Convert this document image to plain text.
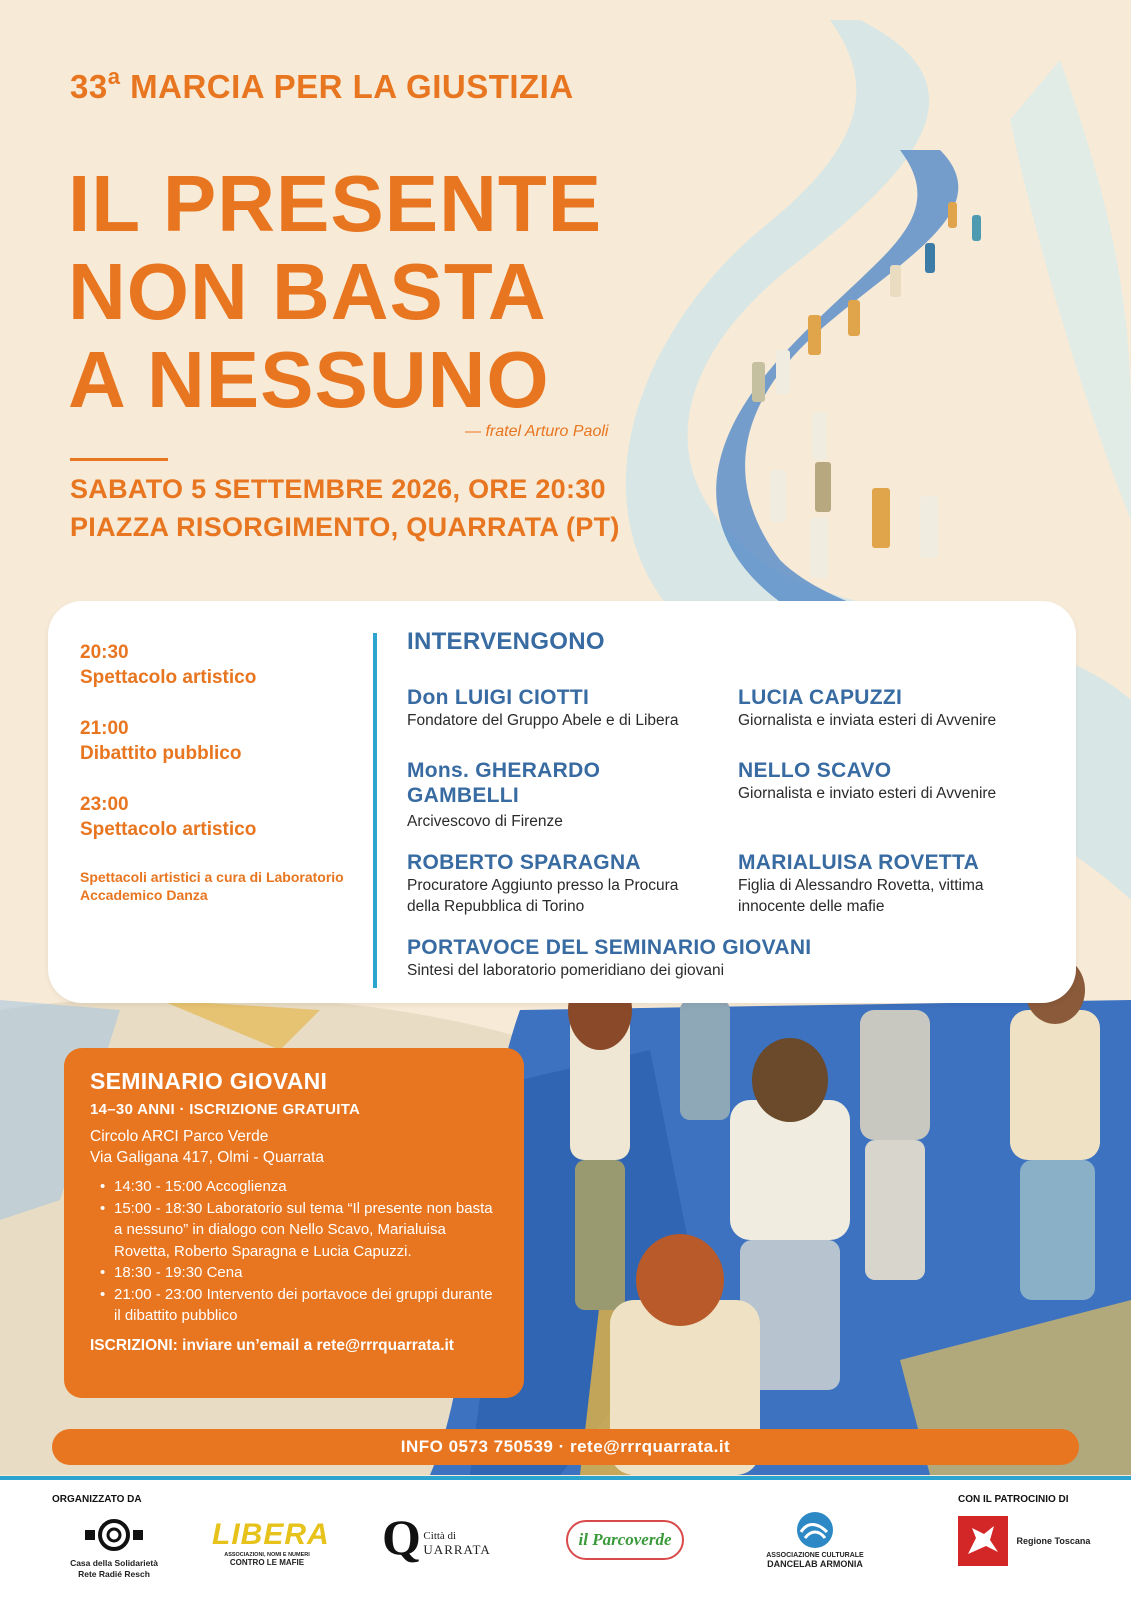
33$^a$ MARCIA PER LA GIUSTIZIA
IL PRESENTE
NON BASTA
A NESSUNO
— fratel Arturo Paoli
SABATO 5 SETTEMBRE 2026, ORE 20:30
PIAZZA RISORGIMENTO, QUARRATA (PT)
20:30
Spettacolo artistico
21:00
Dibattito pubblico
23:00
Spettacolo artistico
Spettacoli artistici a cura di Laboratorio Accademico Danza
INTERVENGONO
Don LUIGI CIOTTI
Fondatore del Gruppo Abele e di Libera
LUCIA CAPUZZI
Giornalista e inviata esteri di Avvenire
Mons. GHERARDO GAMBELLI
Arcivescovo di Firenze
NELLO SCAVO
Giornalista e inviato esteri di Avvenire
ROBERTO SPARAGNA
Procuratore Aggiunto presso la Procura della Repubblica di Torino
MARIALUISA ROVETTA
Figlia di Alessandro Rovetta, vittima innocente delle mafie
PORTAVOCE DEL SEMINARIO GIOVANI
Sintesi del laboratorio pomeridiano dei giovani
SEMINARIO GIOVANI
14–30 ANNI · ISCRIZIONE GRATUITA
Circolo ARCI Parco Verde
Via Galigana 417, Olmi - Quarrata
• 14:30 - 15:00 Accoglienza
• 15:00 - 18:30 Laboratorio sul tema “Il presente non basta a nessuno” in dialogo con Nello Scavo, Marialuisa Rovetta, Roberto Sparagna e Lucia Capuzzi.
• 18:30 - 19:30 Cena
• 21:00 - 23:00 Intervento dei portavoce dei gruppi durante il dibattito pubblico
ISCRIZIONI: inviare un’email a rete@rrrquarrata.it
INFO 0573 750539 · rete@rrrquarrata.it
ORGANIZZATO DA	CON IL PATROCINIO DI
Casa della Solidarietà
Rete Radié Resch
LIBERA
ASSOCIAZIONI, NOMI E NUMERI
CONTRO LE MAFIE	Q Città di
UARRATA
il Parcoverde
ASSOCIAZIONE CULTURALE
DANCELAB ARMONIA
Regione Toscana
